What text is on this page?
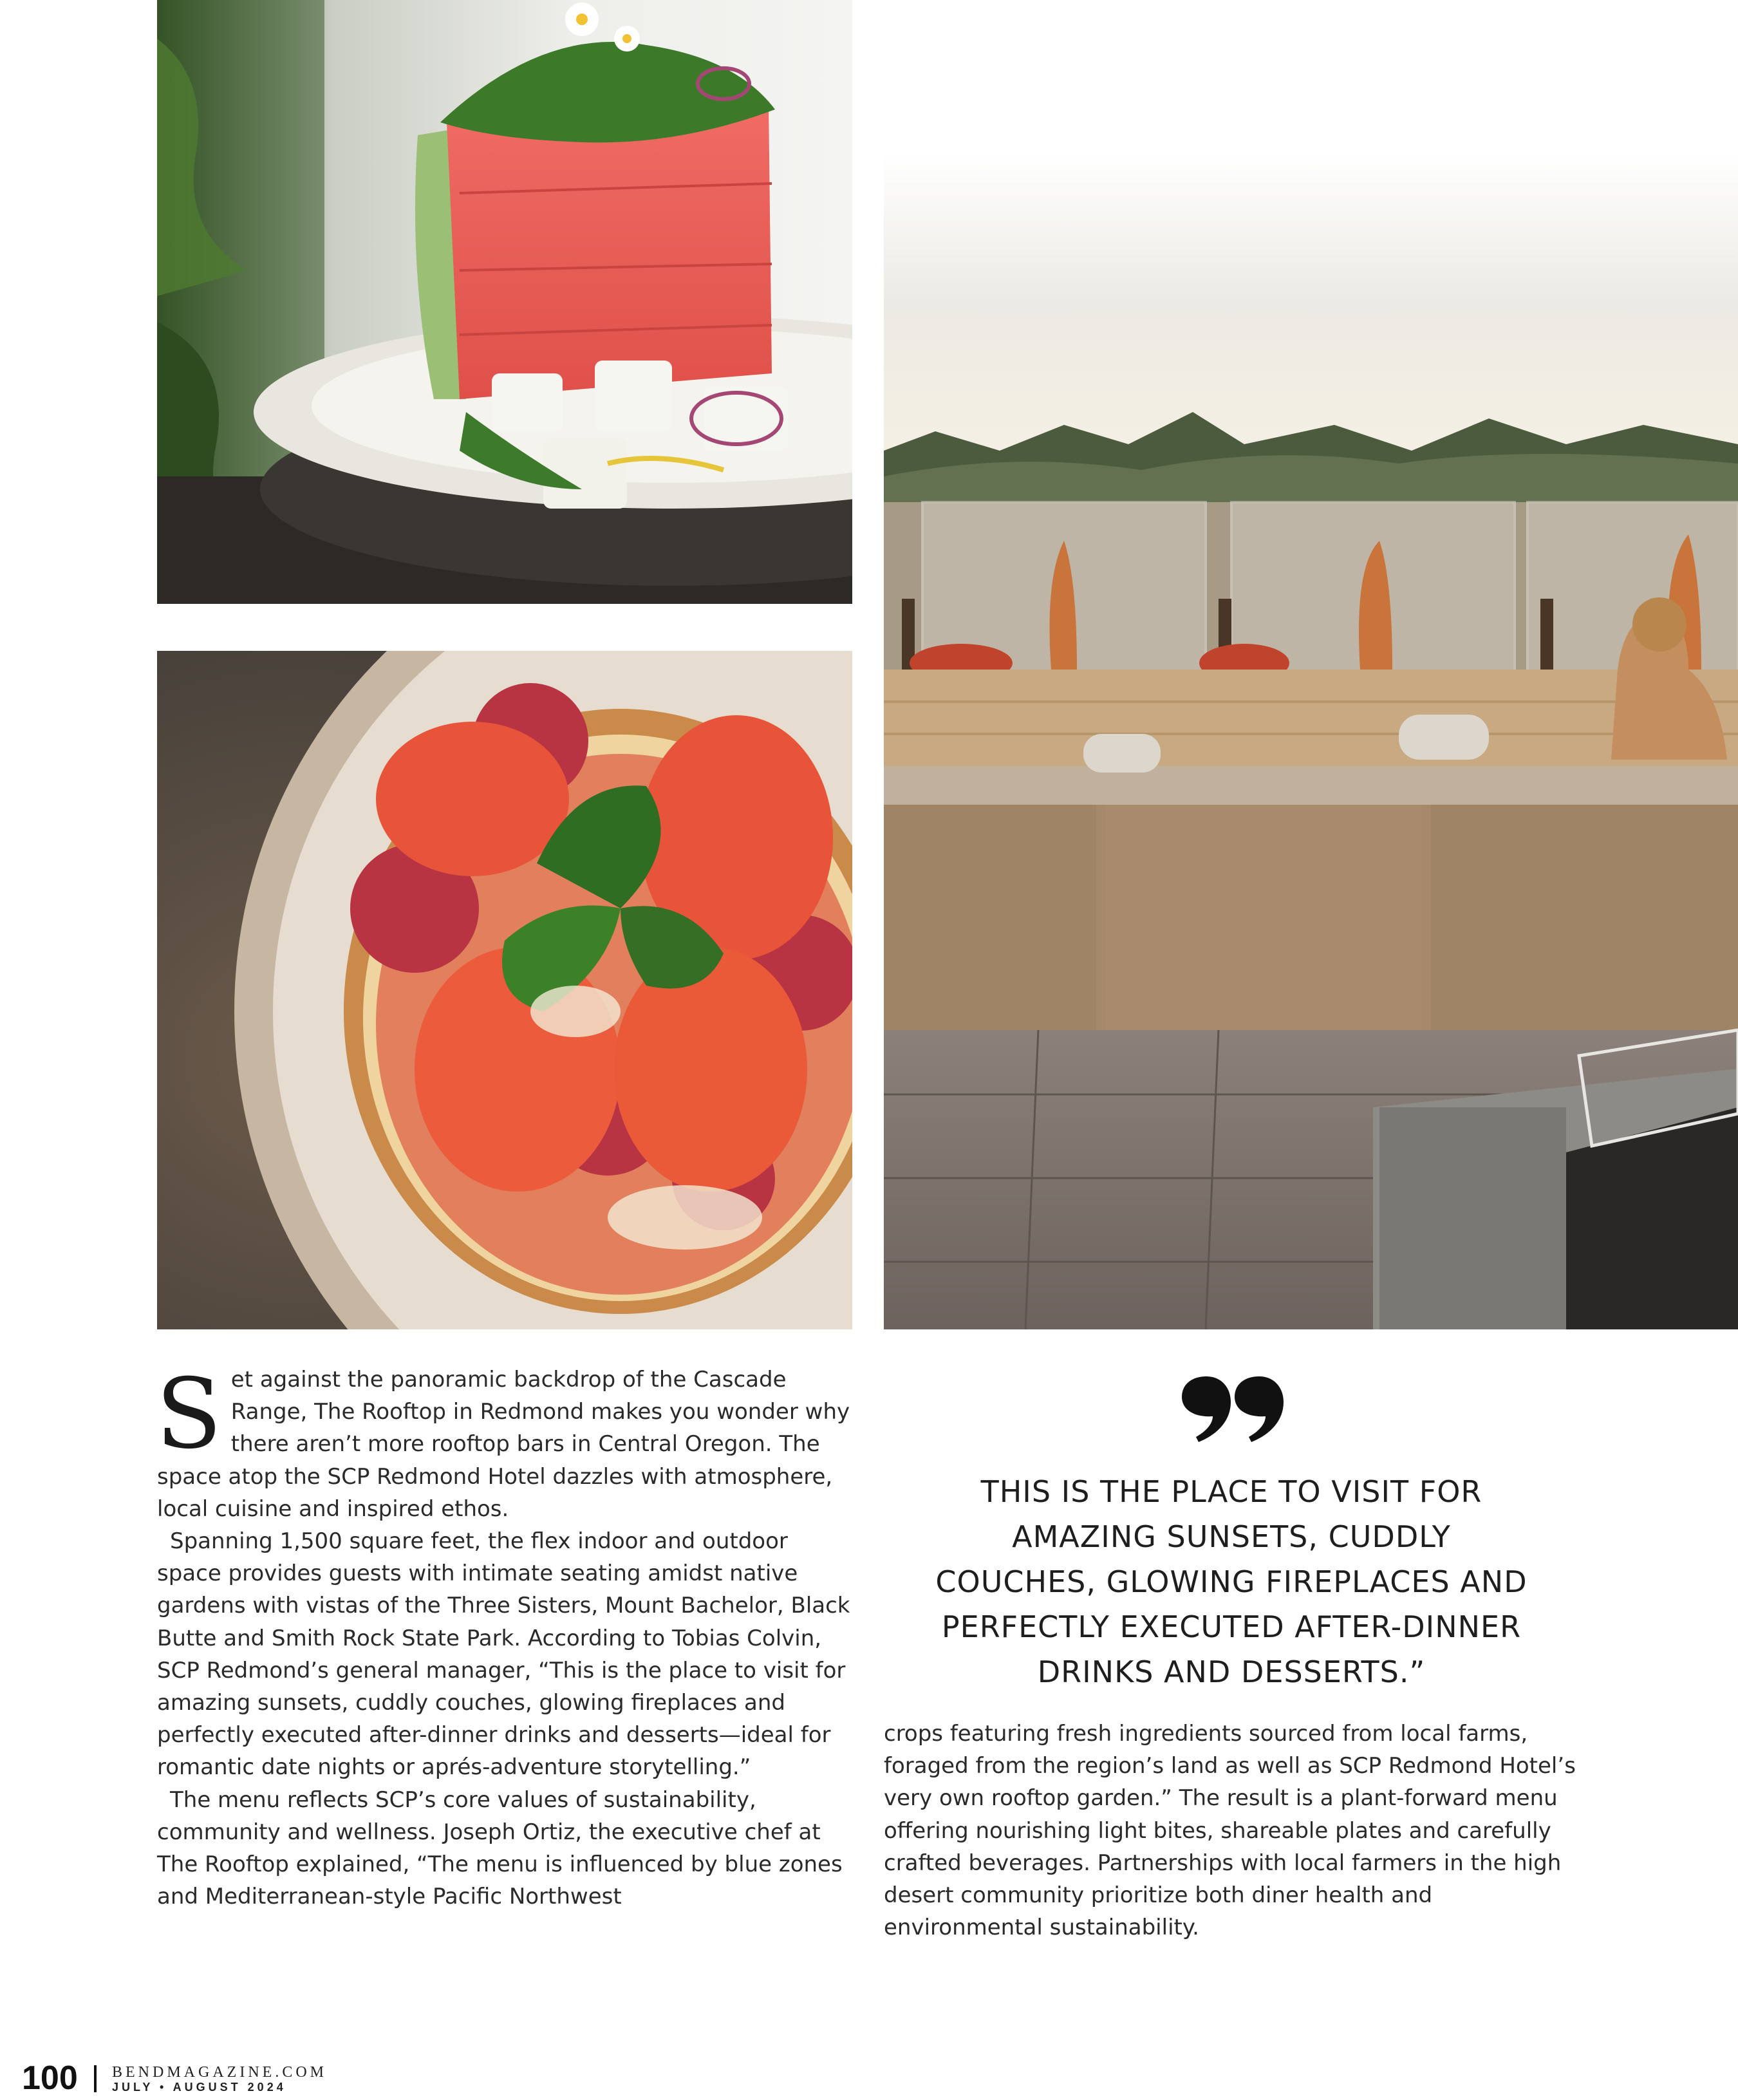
Set against the panoramic backdrop of the Cascade Range, The Rooftop in Redmond makes you wonder why there aren’t more rooftop bars in Central Oregon. The space atop the SCP Redmond Hotel dazzles with atmosphere, local cuisine and inspired ethos.

Spanning 1,500 square feet, the flex indoor and outdoor space provides guests with intimate seating amidst native gardens with vistas of the Three Sisters, Mount Bachelor, Black Butte and Smith Rock State Park. According to Tobias Colvin, SCP Redmond’s general manager, “This is the place to visit for amazing sunsets, cuddly couches, glowing fireplaces and perfectly executed after-dinner drinks and desserts—ideal for romantic date nights or aprés-adventure storytelling.”

The menu reflects SCP’s core values of sustainability, community and wellness. Joseph Ortiz, the executive chef at The Rooftop explained, “The menu is influenced by blue zones and Mediterranean-style Pacific Northwest

THIS IS THE PLACE TO VISIT FOR
AMAZING SUNSETS, CUDDLY
COUCHES, GLOWING FIREPLACES AND
PERFECTLY EXECUTED AFTER-DINNER
DRINKS AND DESSERTS.”

crops featuring fresh ingredients sourced from local farms, foraged from the region’s land as well as SCP Redmond Hotel’s very own rooftop garden.” The result is a plant-forward menu offering nourishing light bites, shareable plates and carefully crafted beverages. Partnerships with local farmers in the high desert community prioritize both diner health and environmental sustainability.

100 BENDMAGAZINE.COM
JULY • AUGUST 2024
